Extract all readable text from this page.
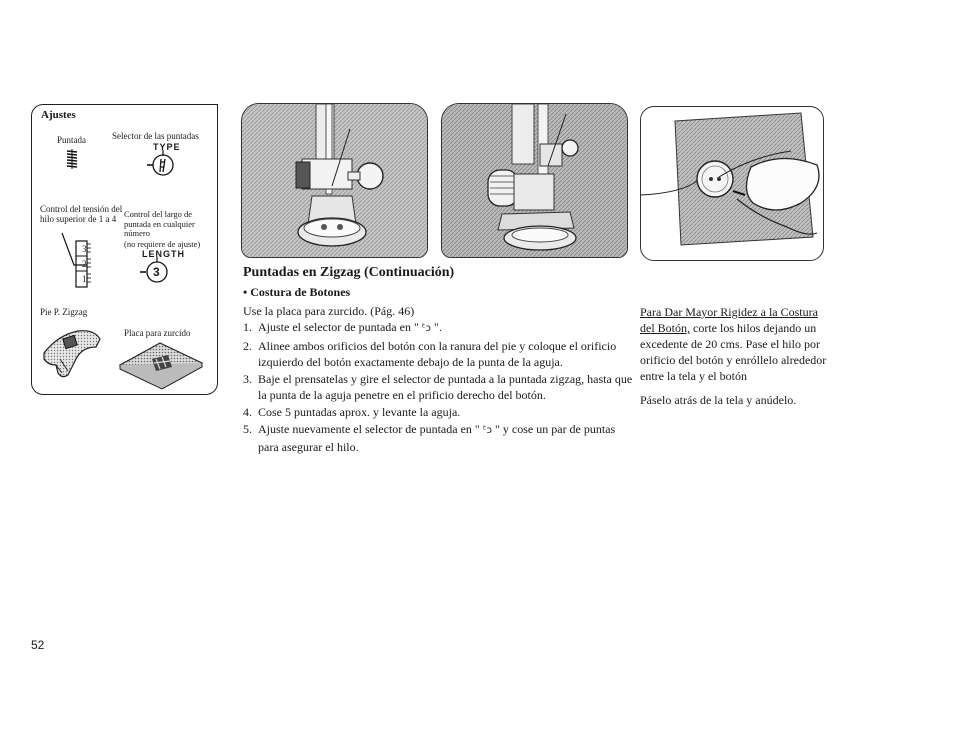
Ajustes
Puntada	Selector de las puntadas
TYPE
Control del tensión del hilo superior de 1 a 4
3
2
1
Control del largo de puntada en cualquier número
(no requiere de ajuste)
LENGTH
3
Pie P. Zigzag
Placa para zurcido
Puntadas en Zigzag (Continuación)
• Costura de Botones
Use la placa para zurcido. (Pág. 46)
1. Ajuste el selector de puntada en " ᶜ̇ᴐ ".
2. Alinee ambos orificios del botón con la ranura del pie y coloque el orificio izquierdo del botón exactamente debajo de la punta de la aguja.
3. Baje el prensatelas y gire el selector de puntada a la puntada zigzag, hasta que la punta de la aguja penetre en el prificio derecho del botón.
4. Cose 5 puntadas aprox. y levante la aguja.
5. Ajuste nuevamente el selector de puntada en " ᶜ̇ᴐ " y cose un par de puntas para asegurar el hilo.

Para Dar Mayor Rigidez a la Costura del Botón, corte los hilos dejando un excedente de 20 cms. Pase el hilo por orificio del botón y enróllelo alrededor entre la tela y el botón

Páselo atrás de la tela y anúdelo.

52
